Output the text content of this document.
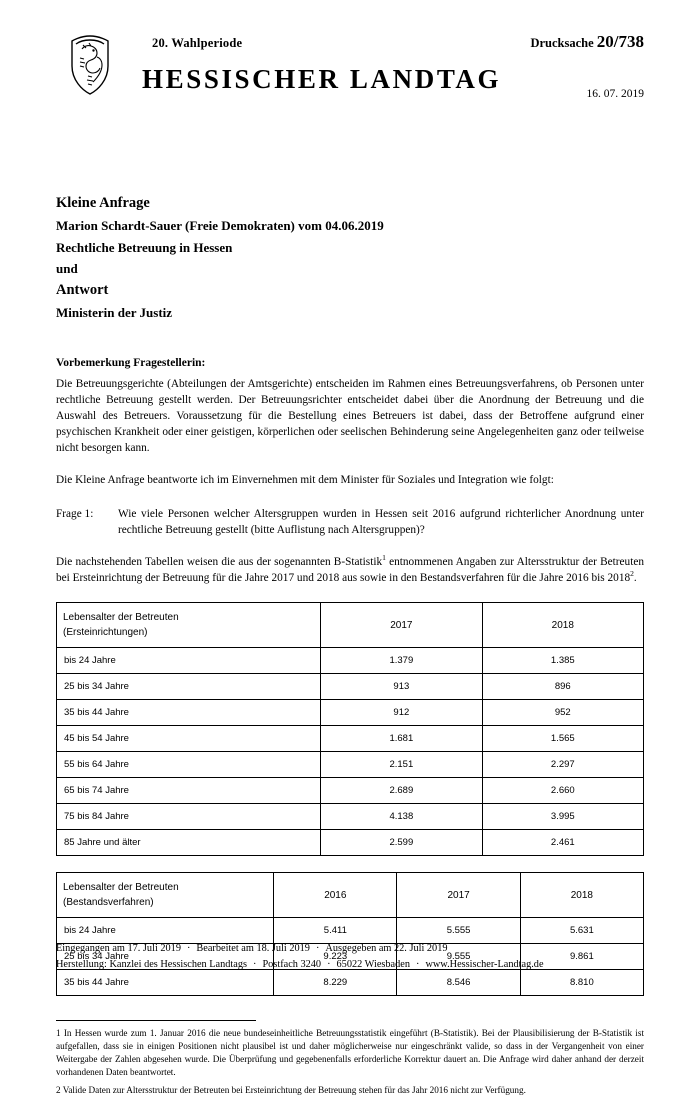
20. Wahlperiode	Drucksache 20/738
HESSISCHER LANDTAG	16. 07. 2019
Kleine Anfrage
Marion Schardt-Sauer (Freie Demokraten) vom 04.06.2019
Rechtliche Betreuung in Hessen
und
Antwort
Ministerin der Justiz
Vorbemerkung Fragestellerin:

Die Betreuungsgerichte (Abteilungen der Amtsgerichte) entscheiden im Rahmen eines Betreuungsverfahrens, ob Personen unter rechtliche Betreuung gestellt werden. Der Betreuungsrichter entscheidet dabei über die Anordnung der Betreuung und die Auswahl des Betreuers. Voraussetzung für die Bestellung eines Betreuers ist dabei, dass der Betroffene aufgrund einer psychischen Krankheit oder einer geistigen, körperlichen oder seelischen Behinderung seine Angelegenheiten ganz oder teilweise nicht besorgen kann.

Die Kleine Anfrage beantworte ich im Einvernehmen mit dem Minister für Soziales und Integration wie folgt:

Frage 1:	Wie viele Personen welcher Altersgruppen wurden in Hessen seit 2016 aufgrund richterlicher Anordnung unter rechtliche Betreuung gestellt (bitte Auflistung nach Altersgruppen)?

Die nachstehenden Tabellen weisen die aus der sogenannten B-Statistik$^1$ entnommenen Angaben zur Altersstruktur der Betreuten bei Ersteinrichtung der Betreuung für die Jahre 2017 und 2018 aus sowie in den Bestandsverfahren für die Jahre 2016 bis 2018$^2$.

Lebensalter der Betreuten
(Ersteinrichtungen)	2017	2018
bis 24 Jahre	1.379	1.385
25 bis 34 Jahre	913	896
35 bis 44 Jahre	912	952
45 bis 54 Jahre	1.681	1.565
55 bis 64 Jahre	2.151	2.297
65 bis 74 Jahre	2.689	2.660
75 bis 84 Jahre	4.138	3.995
85 Jahre und älter	2.599	2.461
Lebensalter der Betreuten
(Bestandsverfahren)	2016	2017	2018
bis 24 Jahre	5.411	5.555	5.631
25 bis 34 Jahre	9.223	9.555	9.861
35 bis 44 Jahre	8.229	8.546	8.810
1 In Hessen wurde zum 1. Januar 2016 die neue bundeseinheitliche Betreuungsstatistik eingeführt (B-Statistik). Bei der Plausibilisierung der B-Statistik ist aufgefallen, dass sie in einigen Positionen nicht plausibel ist und daher möglicherweise nur eingeschränkt valide, so dass in der Vergangenheit von einer Weitergabe der Zahlen abgesehen wurde. Die Überprüfung und gegebenenfalls erforderliche Korrektur dauert an. Die Anfrage wird daher anhand der derzeit vorhandenen Daten beantwortet.
2 Valide Daten zur Altersstruktur der Betreuten bei Ersteinrichtung der Betreuung stehen für das Jahr 2016 nicht zur Verfügung.
Eingegangen am 17. Juli 2019 · Bearbeitet am 18. Juli 2019 · Ausgegeben am 22. Juli 2019
Herstellung: Kanzlei des Hessischen Landtags · Postfach 3240 · 65022 Wiesbaden · www.Hessischer-Landtag.de
